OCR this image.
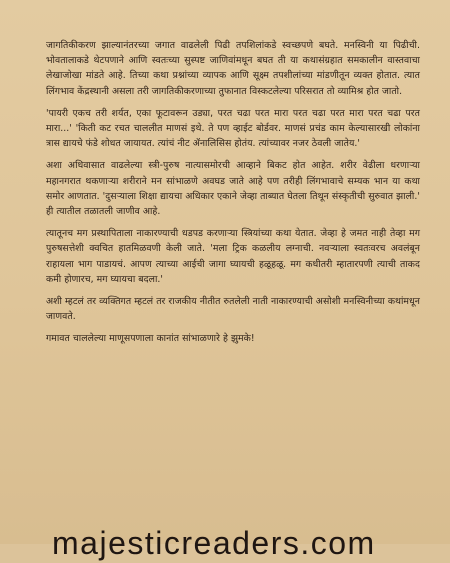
जागतिकीकरण झाल्यानंतरच्या जगात वाढलेली पिढी तपशिलांकडे स्वच्छपणे बघते. मनस्विनी या पिढीची. भोवतालाकडे थेटपणाने आणि स्वतःच्या सुस्पष्ट जाणिवांमधून बघत ती या कथासंग्रहात समकालीन वास्तवाचा लेखाजोखा मांडते आहे. तिच्या कथा प्रश्नांच्या व्यापक आणि सूक्ष्म तपशीलांच्या मांडणीतून व्यक्त होतात. त्यात लिंगभाव केंद्रस्थानी असला तरी जागतिकीकरणाच्या तुफानात विस्कटलेल्या परिसरात तो व्यामिश्र होत जातो.

'पायरी एकच तरी शर्यत, एका फूटावरून उड्या, परत चढा परत मारा परत चढा परत मारा परत चढा परत मारा...' 'किती कट रचत चाललीत माणसं इथे. ते पण व्हाईट बोर्डवर. माणसं प्रचंड काम केल्यासारखी लोकांना त्रास द्यायचे फंडे शोधत जायायत. त्यांचं नीट ॲनालिसिस होतंय. त्यांच्यावर नजर ठेवली जातेय.'

अशा अधिवासात वाढलेल्या स्त्री-पुरुष नात्यासमोरची आव्हाने बिकट होत आहेत. शरीर वेढीला धरणाऱ्या महानगरात थकणाऱ्या शरीराने मन सांभाळणे अवघड जाते आहे पण तरीही लिंगभावाचे सम्यक भान या कथा समोर आणतात. 'दुसऱ्याला शिक्षा द्यायचा अधिकार एकाने जेव्हा ताब्यात घेतला तिथून संस्कृतीची सुरुवात झाली.' ही त्यातील तळातली जाणीव आहे.

त्यातूनच मग प्रस्थापिताला नाकारण्याची धडपड करणाऱ्या स्त्रियांच्या कथा येतात. जेव्हा हे जमत नाही तेव्हा मग पुरुषसत्तेशी क्वचित हातमिळवणी केली जाते. 'मला ट्रिक कळलीय लग्नाची. नवऱ्याला स्वतःवरच अवलंबून राहायला भाग पाडायचं. आपण त्याच्या आईची जागा घ्यायची हळूहळू. मग कधीतरी म्हातारपणी त्याची ताकद कमी होणारच, मग घ्यायचा बदला.'

अशी म्हटलं तर व्यक्तिगत म्हटलं तर राजकीय नीतीत रुतलेली नाती नाकारण्याची असोशी मनस्विनीच्या कथांमधून जाणवते.

गमावत चाललेल्या माणूसपणाला कानांत सांभाळणारे हे झुमके!

majesticreaders.com
